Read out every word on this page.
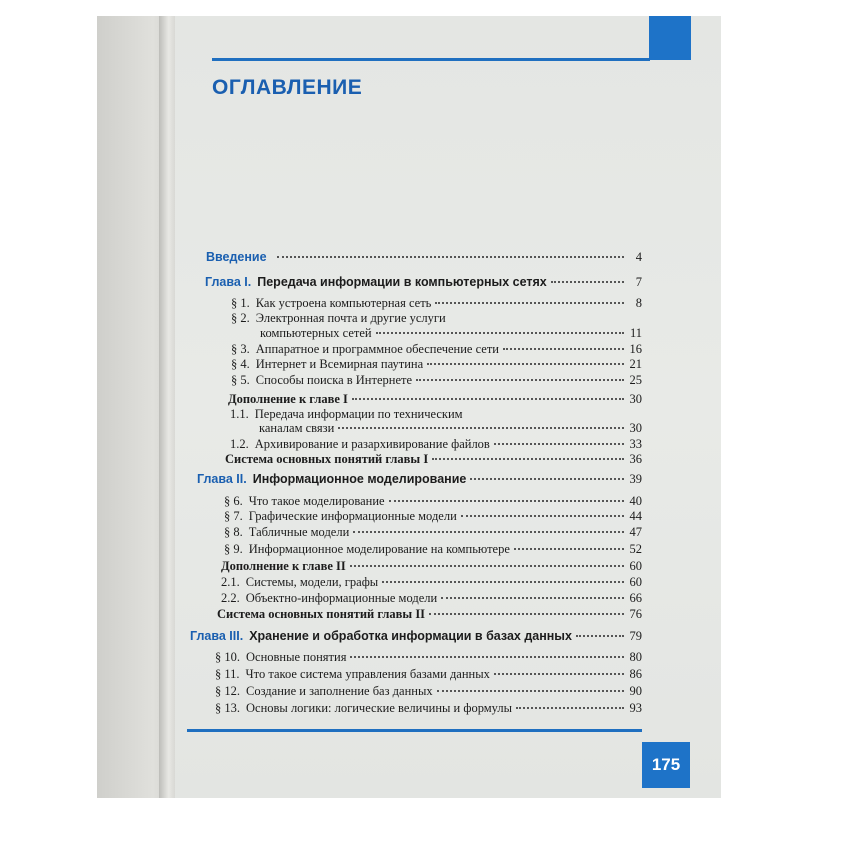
ОГЛАВЛЕНИЕ
Введение	4
Глава I. Передача информации в компьютерных сетях	7
§ 1. Как устроена компьютерная сеть	8
§ 2. Электронная почта и другие услуги
компьютерных сетей	11
§ 3. Аппаратное и программное обеспечение сети	16
§ 4. Интернет и Всемирная паутина	21
§ 5. Способы поиска в Интернете	25
Дополнение к главе I	30
1.1. Передача информации по техническим
каналам связи	30
1.2. Архивирование и разархивирование файлов	33
Система основных понятий главы I	36
Глава II. Информационное моделирование	39
§ 6. Что такое моделирование	40
§ 7. Графические информационные модели	44
§ 8. Табличные модели	47
§ 9. Информационное моделирование на компьютере	52
Дополнение к главе II	60
2.1. Системы, модели, графы	60
2.2. Объектно-информационные модели	66
Система основных понятий главы II	76
Глава III. Хранение и обработка информации в базах данных	79
§ 10. Основные понятия	80
§ 11. Что такое система управления базами данных	86
§ 12. Создание и заполнение баз данных	90
§ 13. Основы логики: логические величины и формулы	93
175
